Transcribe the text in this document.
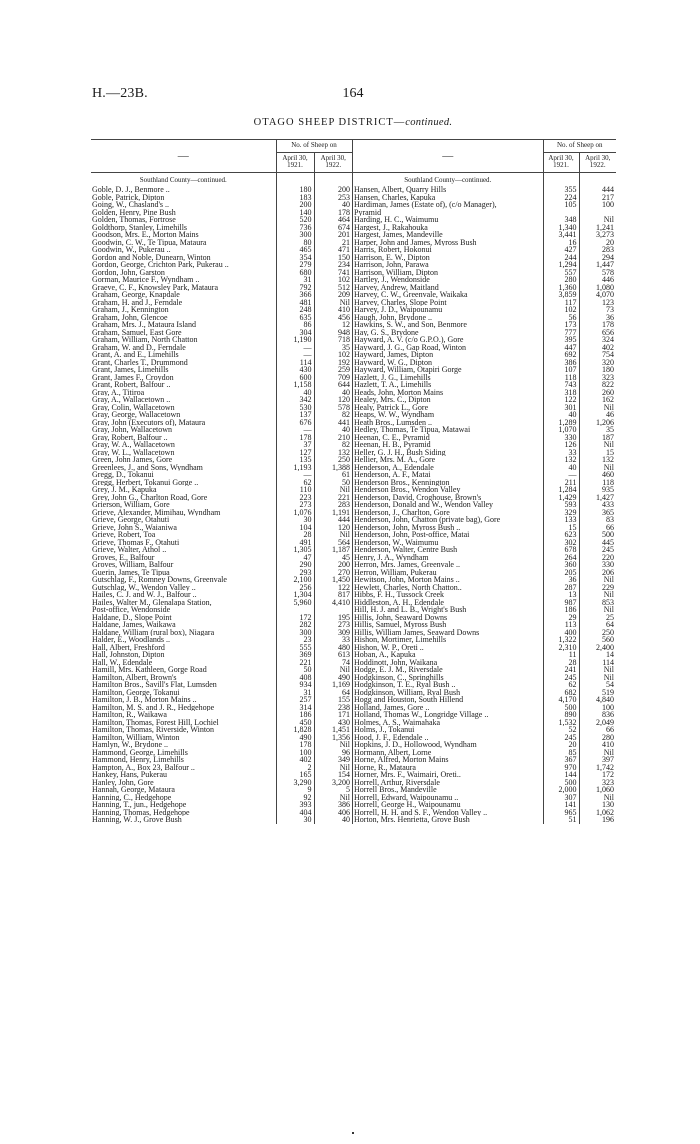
H.—23B.	164
OTAGO SHEEP DISTRICT—continued.
—	No. of Sheep on
April 30, 1921.	April 30, 1922.
Southland County—continued.		
Goble, D. J., Benmore ..	180	200
Goble, Patrick, Dipton	183	253
Going, W., Chasland's ..	200	40
Golden, Henry, Pine Bush	140	178
Golden, Thomas, Fortrose	520	464
Goldthorp, Stanley, Limehills	736	674
Goodson, Mrs. E., Morton Mains	300	201
Goodwin, C. W., Te Tipua, Mataura	80	21
Goodwin, W., Pukerau ..	465	471
Gordon and Noble, Dunearn, Winton	354	150
Gordon, George, Crichton Park, Pukerau ..	279	234
Gordon, John, Garston	680	741
Gorman, Maurice F., Wyndham ..	31	102
Graeve, C. F., Knowsley Park, Mataura	792	512
Graham, George, Knapdale	366	209
Graham, H. and J., Ferndale	481	Nil
Graham, J., Kennington	248	410
Graham, John, Glencoe	635	456
Graham, Mrs. J., Mataura Island	86	12
Graham, Samuel, East Gore	304	948
Graham, William, North Chatton	1,190	718
Graham, W. and D., Ferndale	—	35
Grant, A. and E., Limehills	—	102
Grant, Charles T., Drummond	114	192
Grant, James, Limehills	430	259
Grant, James F., Croydon	600	709
Grant, Robert, Balfour ..	1,158	644
Gray, A., Titiroa	40	40
Gray, A., Wallacetown ..	342	120
Gray, Colin, Wallacetown	530	578
Gray, George, Wallacetown	137	82
Gray, John (Executors of), Mataura	676	441
Gray, John, Wallacetown	—	40
Gray, Robert, Balfour ..	178	210
Gray, W. A., Wallacetown	37	82
Gray, W. L., Wallacetown	127	132
Green, John James, Gore	135	250
Greenlees, J., and Sons, Wyndham	1,193	1,388
Gregg, D., Tokanui	—	61
Gregg, Herbert, Tokanui Gorge ..	62	50
Grey, J. M., Kapuka	110	Nil
Grey, John G., Charlton Road, Gore	223	221
Grierson, William, Gore	273	283
Grieve, Alexander, Mimihau, Wyndham	1,076	1,191
Grieve, George, Otahuti	30	444
Grieve, John S., Waianiwa	104	120
Grieve, Robert, Toa	28	Nil
Grieve, Thomas F., Otahuti	491	564
Grieve, Walter, Athol ..	1,305	1,187
Groves, E., Balfour	47	45
Groves, William, Balfour	290	200
Guerin, James, Te Tipua	293	270
Gutschlag, F., Romney Downs, Greenvale	2,100	1,450
Gutschlag, W., Wendon Valley ..	256	122
Hailes, C. J. and W. J., Balfour ..	1,304	817
Hailes, Walter M., Glenalapa Station,	5,960	4,410
Post-office, Wendonside		
Haldane, D., Slope Point	172	195
Haldane, James, Waikawa	282	273
Haldane, William (rural box), Niagara	300	309
Halder, E., Woodlands ..	23	33
Hall, Albert, Freshford	555	480
Hall, Johnston, Dipton	369	613
Hall, W., Edendale	221	74
Hamill, Mrs. Kathleen, Gorge Road	50	Nil
Hamilton, Albert, Brown's	408	490
Hamilton Bros., Savill's Flat, Lumsden	934	1,169
Hamilton, George, Tokanui	31	64
Hamilton, J. B., Morton Mains ..	257	155
Hamilton, M. S. and J. R., Hedgehope	314	238
Hamilton, R., Waikawa	186	171
Hamilton, Thomas, Forest Hill, Lochiel	450	430
Hamilton, Thomas, Riverside, Winton	1,828	1,451
Hamilton, William, Winton	490	1,356
Hamlyn, W., Brydone ..	178	Nil
Hammond, George, Limehills	100	96
Hammond, Henry, Limehills	402	349
Hampton, A., Box 23, Balfour ..	2	Nil
Hankey, Hans, Pukerau	165	154
Hanley, John, Gore	3,290	3,200
Hannah, George, Mataura	9	5
Hanning, C., Hedgehope	92	Nil
Hanning, T., jun., Hedgehope	393	386
Hanning, Thomas, Hedgehope	404	406
Hanning, W. J., Grove Bush	30	40

—	No. of Sheep on
April 30, 1921.	April 30, 1922.
Southland County—continued.		
Hansen, Albert, Quarry Hills	355	444
Hansen, Charles, Kapuka	224	217
Hardiman, James (Estate of), (c/o Manager),	105	100
Pyramid		
Harding, H. C., Waimumu	348	Nil
Hargest, J., Rakahouka	1,340	1,241
Hargest, James, Mandeville	3,441	3,273
Harper, John and James, Myross Bush	16	20
Harris, Robert, Hokonui	427	283
Harrison, E. W., Dipton	244	294
Harrison, John, Parawa	1,294	1,447
Harrison, William, Dipton	557	578
Hartley, J., Wendonside	280	446
Harvey, Andrew, Maitland	1,360	1,080
Harvey, C. W., Greenvale, Waikaka	3,859	4,070
Harvey, Charles, Slope Point	117	123
Harvey, J. D., Waipounamu	102	73
Haugh, John, Brydone ..	56	36
Hawkins, S. W., and Son, Benmore	173	178
Hay, G. S., Brydone	777	656
Hayward, A. V. (c/o G.P.O.), Gore	395	324
Hayward, J. G., Gap Road, Winton	447	402
Hayward, James, Dipton	692	754
Hayward, W. G., Dipton	386	320
Hayward, William, Otapiri Gorge	107	180
Hazlett, J. G., Limehills	118	323
Hazlett, T. A., Limehills	743	822
Heads, John, Morton Mains	318	260
Healey, Mrs. C., Dipton	122	162
Healy, Patrick L., Gore	301	Nil
Heaps, W. W., Wyndham	40	46
Heath Bros., Lumsden ..	1,289	1,206
Hedley, Thomas, Te Tipua, Matawai	1,070	35
Heenan, C. E., Pyramid	330	187
Heenan, H. B., Pyramid	126	Nil
Heller, G. J. H., Bush Siding	33	15
Hellier, Mrs. M. A., Gore	132	132
Henderson, A., Edendale	40	Nil
Henderson, A. F., Matai	—	460
Henderson Bros., Kennington	211	118
Henderson Bros., Wendon Valley	1,284	935
Henderson, David, Croghouse, Brown's	1,429	1,427
Henderson, Donald and W., Wendon Valley	593	433
Henderson, J., Charlton, Gore	329	365
Henderson, John, Chatton (private bag), Gore	133	83
Henderson, John, Myross Bush ..	15	66
Henderson, John, Post-office, Matai	623	500
Henderson, W., Waimumu	302	445
Henderson, Walter, Centre Bush	678	245
Henry, J. A., Wyndham	264	220
Herron, Mrs. James, Greenvale ..	360	330
Herron, William, Pukerau	205	206
Hewitson, John, Morton Mains ..	36	Nil
Hewlett, Charles, North Chatton..	287	229
Hibbs, F. H., Tussock Creek	13	Nil
Hiddleston, A. H., Edendale	987	853
Hill, H. J. and L. B., Wright's Bush	186	Nil
Hillis, John, Seaward Downs	29	25
Hillis, Samuel, Myross Bush	113	64
Hillis, William James, Seaward Downs	400	250
Hishon, Mortimer, Limehills	1,322	560
Hishon, W. P., Oreti ..	2,310	2,400
Hoban, A., Kapuka	11	14
Hoddinott, John, Waikana	28	114
Hodge, E. J. M., Riversdale	241	Nil
Hodgkinson, C., Springhills	245	Nil
Hodgkinson, T. E., Ryal Bush ..	62	54
Hodgkinson, William, Ryal Bush	682	519
Hogg and Houston, South Hillend	4,170	4,840
Holland, James, Gore ..	500	100
Holland, Thomas W., Longridge Village ..	890	836
Holmes, A. S., Waimahaka	1,532	2,049
Holms, J., Tokanui	52	66
Hood, J. F., Edendale ..	245	280
Hopkins, J. D., Hollowood, Wyndham	20	410
Hormann, Albert, Lorne	85	Nil
Horne, Alfred, Morton Mains	367	397
Horne, R., Mataura	970	1,742
Horner, Mrs. F., Waimairi, Oreti..	144	172
Horrell, Arthur, Riversdale	500	323
Horrell Bros., Mandeville	2,000	1,060
Horrell, Edward, Waipounamu ..	307	Nil
Horrell, George H., Waipounamu	141	130
Horrell, H. H. and S. F., Wendon Valley ..	965	1,062
Horton, Mrs. Henrietta, Grove Bush	51	196
